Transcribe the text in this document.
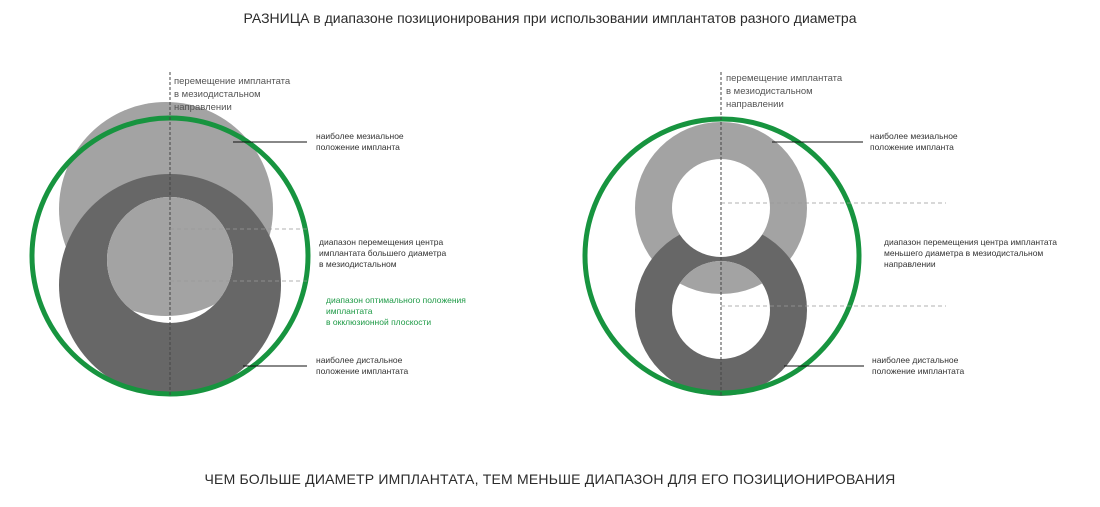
РАЗНИЦА в диапазоне позиционирования при использовании имплантатов разного диаметра
перемещение имплантата
в мезиодистальном
направлении
наиболее мезиальное
положение импланта
диапазон перемещения центра
имплантата большего диаметра
в мезиодистальном
диапазон оптимального положения
имплантата
в окклюзионной плоскости
наиболее дистальное
положение имплантата
перемещение имплантата
в мезиодистальном
направлении
наиболее мезиальное
положение импланта
диапазон перемещения центра имплантата
меньшего диаметра в мезиодистальном
направлении
наиболее дистальное
положение имплантата
ЧЕМ БОЛЬШЕ ДИАМЕТР ИМПЛАНТАТА, ТЕМ МЕНЬШЕ ДИАПАЗОН ДЛЯ ЕГО ПОЗИЦИОНИРОВАНИЯ
